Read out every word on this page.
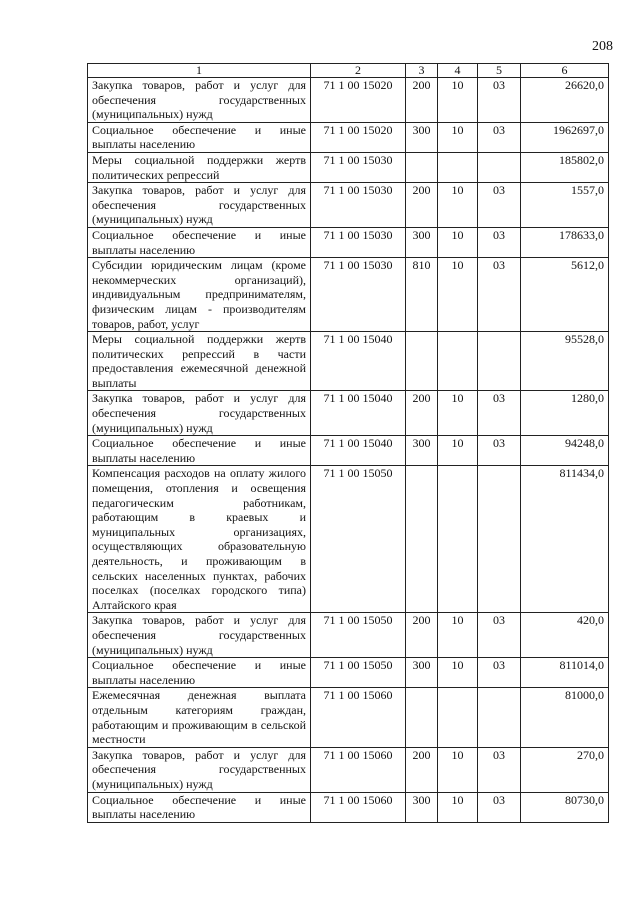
208
1	2	3	4	5	6
Закупка товаров, работ и услуг для обеспечения государственных (муниципальных) нужд	71 1 00 15020	200	10	03	26620,0
Социальное обеспечение и иные выплаты населению	71 1 00 15020	300	10	03	1962697,0
Меры социальной поддержки жертв политических репрессий	71 1 00 15030				185802,0
Закупка товаров, работ и услуг для обеспечения государственных (муниципальных) нужд	71 1 00 15030	200	10	03	1557,0
Социальное обеспечение и иные выплаты населению	71 1 00 15030	300	10	03	178633,0
Субсидии юридическим лицам (кроме некоммерческих организаций), индивидуальным предпринимателям, физическим лицам - производителям товаров, работ, услуг	71 1 00 15030	810	10	03	5612,0
Меры социальной поддержки жертв политических репрессий в части предоставления ежемесячной денежной выплаты	71 1 00 15040				95528,0
Закупка товаров, работ и услуг для обеспечения государственных (муниципальных) нужд	71 1 00 15040	200	10	03	1280,0
Социальное обеспечение и иные выплаты населению	71 1 00 15040	300	10	03	94248,0
Компенсация расходов на оплату жилого помещения, отопления и освещения педагогическим работникам, работающим в краевых и муниципальных организациях, осуществляющих образовательную деятельность, и проживающим в сельских населенных пунктах, рабочих поселках (поселках городского типа) Алтайского края	71 1 00 15050				811434,0
Закупка товаров, работ и услуг для обеспечения государственных (муниципальных) нужд	71 1 00 15050	200	10	03	420,0
Социальное обеспечение и иные выплаты населению	71 1 00 15050	300	10	03	811014,0
Ежемесячная денежная выплата отдельным категориям граждан, работающим и проживающим в сельской местности	71 1 00 15060				81000,0
Закупка товаров, работ и услуг для обеспечения государственных (муниципальных) нужд	71 1 00 15060	200	10	03	270,0
Социальное обеспечение и иные выплаты населению	71 1 00 15060	300	10	03	80730,0
